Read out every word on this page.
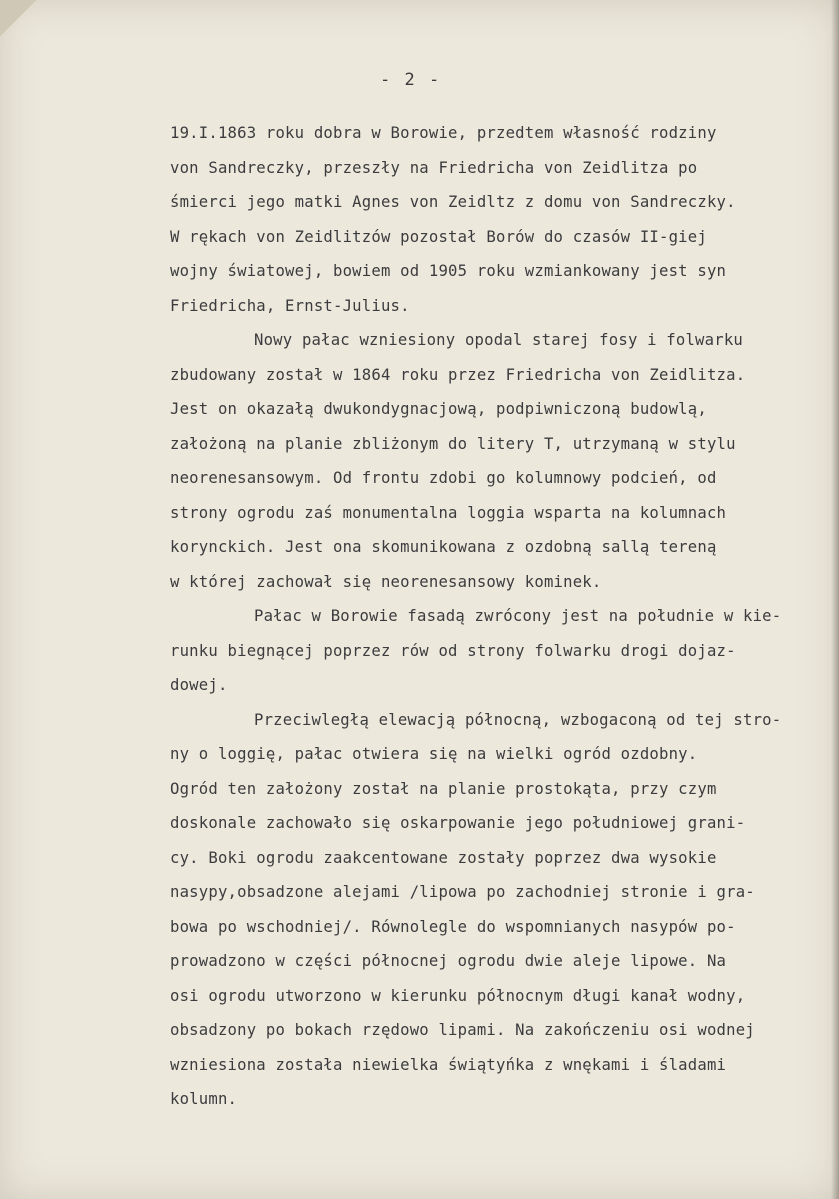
- 2 -
19.I.1863 roku dobra w Borowie, przedtem własność rodziny
von Sandreczky, przeszły na Friedricha von Zeidlitza po
śmierci jego matki Agnes von Zeidltz z domu von Sandreczky.
W rękach von Zeidlitzów pozostał Borów do czasów II-giej
wojny światowej, bowiem od 1905 roku wzmiankowany jest syn
Friedricha, Ernst-Julius.
Nowy pałac wzniesiony opodal starej fosy i folwarku
zbudowany został w 1864 roku przez Friedricha von Zeidlitza.
Jest on okazałą dwukondygnacjową, podpiwniczoną budowlą,
założoną na planie zbliżonym do litery T, utrzymaną w stylu
neorenesansowym. Od frontu zdobi go kolumnowy podcień, od
strony ogrodu zaś monumentalna loggia wsparta na kolumnach
korynckich. Jest ona skomunikowana z ozdobną sallą tereną
w której zachował się neorenesansowy kominek.
Pałac w Borowie fasadą zwrócony jest na południe w kie-
runku biegnącej poprzez rów od strony folwarku drogi dojaz-
dowej.
Przeciwległą elewacją północną, wzbogaconą od tej stro-
ny o loggię, pałac otwiera się na wielki ogród ozdobny.
Ogród ten założony został na planie prostokąta, przy czym
doskonale zachowało się oskarpowanie jego południowej grani-
cy. Boki ogrodu zaakcentowane zostały poprzez dwa wysokie
nasypy,obsadzone alejami /lipowa po zachodniej stronie i gra-
bowa po wschodniej/. Równolegle do wspomnianych nasypów po-
prowadzono w części północnej ogrodu dwie aleje lipowe. Na
osi ogrodu utworzono w kierunku północnym długi kanał wodny,
obsadzony po bokach rzędowo lipami. Na zakończeniu osi wodnej
wzniesiona została niewielka świątyńka z wnękami i śladami
kolumn.
